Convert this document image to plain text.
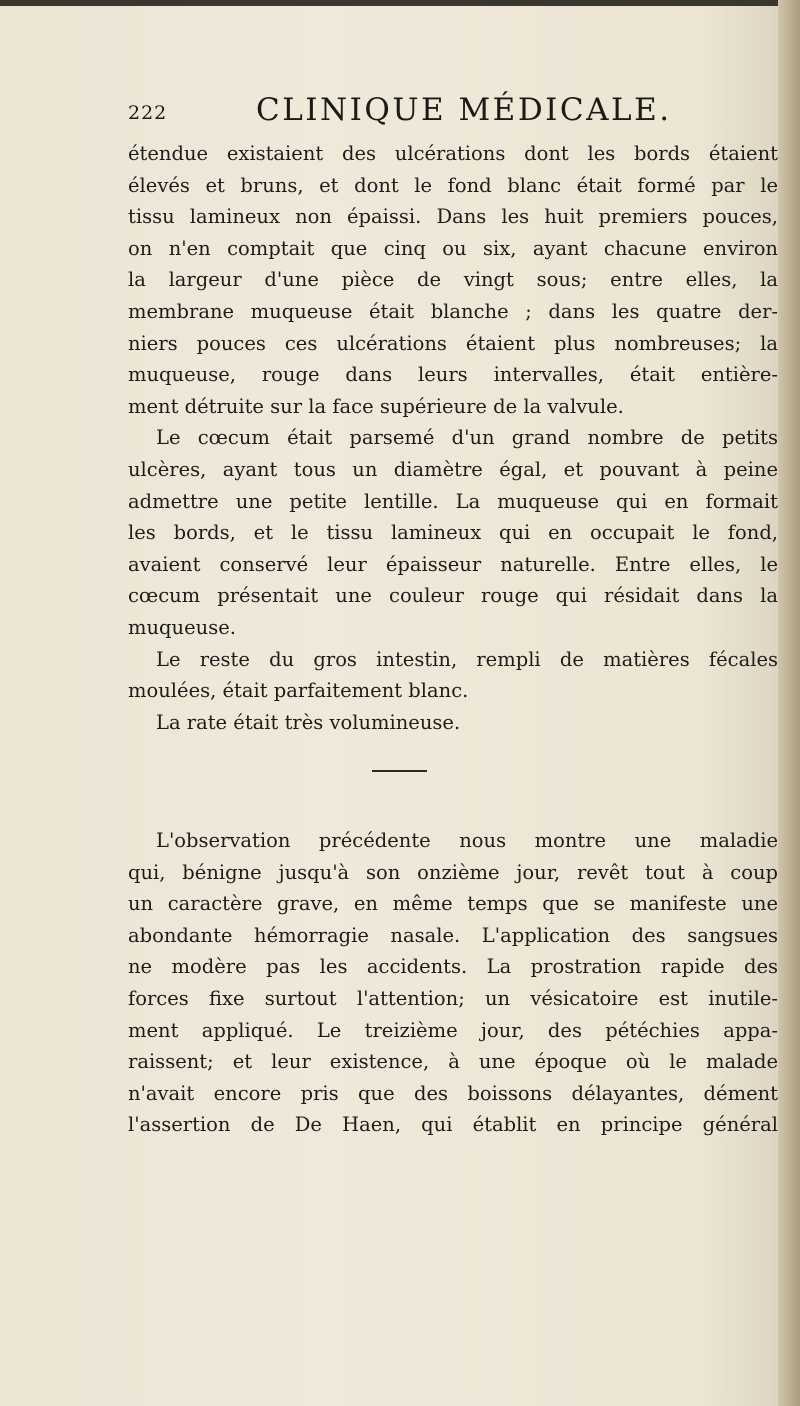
222	CLINIQUE MÉDICALE.
étendue existaient des ulcérations dont les bords étaient
élevés et bruns, et dont le fond blanc était formé par le
tissu lamineux non épaissi. Dans les huit premiers pouces,
on n'en comptait que cinq ou six, ayant chacune environ
la largeur d'une pièce de vingt sous; entre elles, la
membrane muqueuse était blanche ; dans les quatre der-
niers pouces ces ulcérations étaient plus nombreuses; la
muqueuse, rouge dans leurs intervalles, était entière-
ment détruite sur la face supérieure de la valvule.
Le cœcum était parsemé d'un grand nombre de petits
ulcères, ayant tous un diamètre égal, et pouvant à peine
admettre une petite lentille. La muqueuse qui en formait
les bords, et le tissu lamineux qui en occupait le fond,
avaient conservé leur épaisseur naturelle. Entre elles, le
cœcum présentait une couleur rouge qui résidait dans la
muqueuse.
Le reste du gros intestin, rempli de matières fécales
moulées, était parfaitement blanc.
La rate était très volumineuse.
L'observation précédente nous montre une maladie
qui, bénigne jusqu'à son onzième jour, revêt tout à coup
un caractère grave, en même temps que se manifeste une
abondante hémorragie nasale. L'application des sangsues
ne modère pas les accidents. La prostration rapide des
forces fixe surtout l'attention; un vésicatoire est inutile-
ment appliqué. Le treizième jour, des pétéchies appa-
raissent; et leur existence, à une époque où le malade
n'avait encore pris que des boissons délayantes, dément
l'assertion de De Haen, qui établit en principe général
